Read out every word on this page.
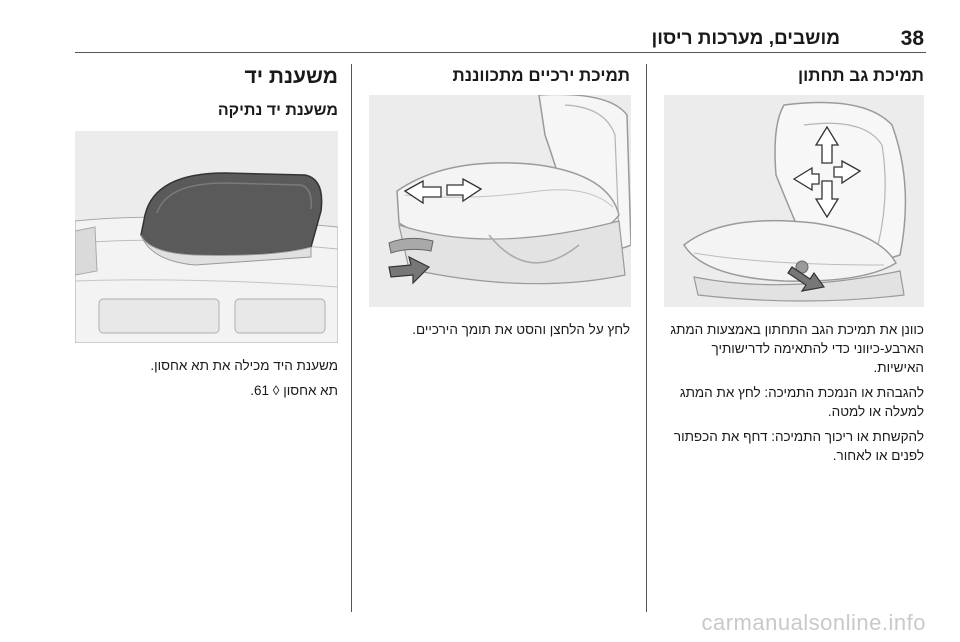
38
מושבים, מערכות ריסון
תמיכת גב תחתון

כוונן את תמיכת הגב התחתון באמצעות המתג הארבע-כיווני כדי להתאימה לדרישותיך האישיות.

להגבהת או הנמכת התמיכה: לחץ את המתג למעלה או למטה.

להקשחת או ריכוך התמיכה: דחף את הכפתור לפנים או לאחור.

תמיכת ירכיים מתכווננת

לחץ על הלחצן והסט את תומך הירכיים.

משענת יד
משענת יד נתיקה

משענת היד מכילה את תא אחסון.

תא אחסון ◊ 61.

carmanualsonline.info
